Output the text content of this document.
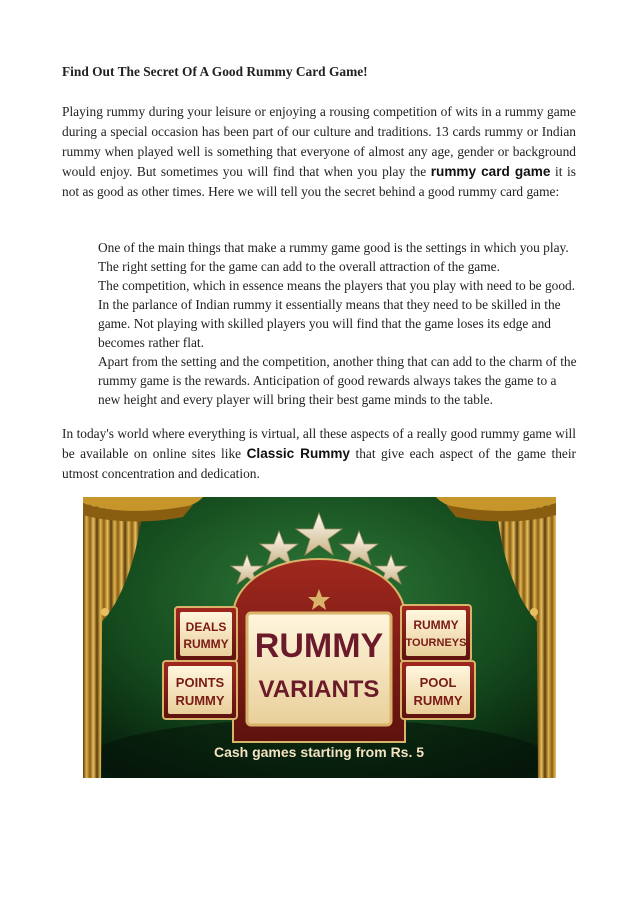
Find Out The Secret Of A Good Rummy Card Game!

Playing rummy during your leisure or enjoying a rousing competition of wits in a rummy game during a special occasion has been part of our culture and traditions. 13 cards rummy or Indian rummy when played well is something that everyone of almost any age, gender or background would enjoy. But sometimes you will find that when you play the rummy card game it is not as good as other times. Here we will tell you the secret behind a good rummy card game:

One of the main things that make a rummy game good is the settings in which you play. The right setting for the game can add to the overall attraction of the game.
The competition, which in essence means the players that you play with need to be good. In the parlance of Indian rummy it essentially means that they need to be skilled in the game. Not playing with skilled players you will find that the game loses its edge and becomes rather flat.
Apart from the setting and the competition, another thing that can add to the charm of the rummy game is the rewards. Anticipation of good rewards always takes the game to a new height and every player will bring their best game minds to the table.

In today's world where everything is virtual, all these aspects of a really good rummy game will be available on online sites like Classic Rummy that give each aspect of the game their utmost concentration and dedication.

RUMMY
VARIANTS
DEALS
RUMMY
POINTS
RUMMY
RUMMY
TOURNEYS
POOL
RUMMY
Cash games starting from Rs. 5
